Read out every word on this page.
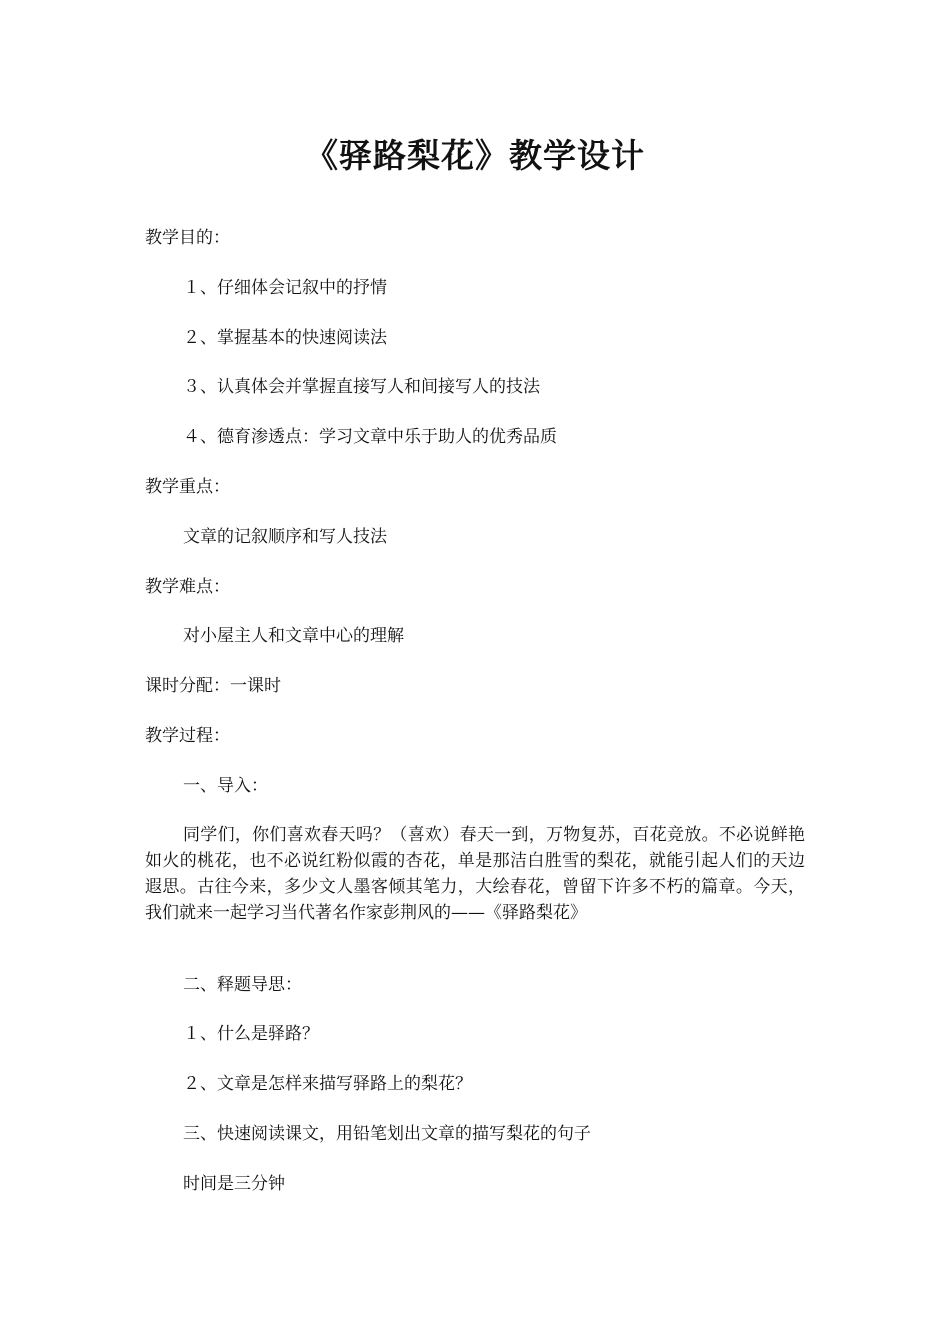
《驿路梨花》教学设计

教学目的：

１、仔细体会记叙中的抒情

２、掌握基本的快速阅读法

３、认真体会并掌握直接写人和间接写人的技法

４、德育渗透点：学习文章中乐于助人的优秀品质

教学重点：

文章的记叙顺序和写人技法

教学难点：

对小屋主人和文章中心的理解

课时分配：一课时

教学过程：

一、导入：

同学们，你们喜欢春天吗？（喜欢）春天一到，万物复苏，百花竞放。不必说鲜艳如火的桃花，也不必说红粉似霞的杏花，单是那洁白胜雪的梨花，就能引起人们的天边遐思。古往今来，多少文人墨客倾其笔力，大绘春花，曾留下许多不朽的篇章。今天，我们就来一起学习当代著名作家彭荆风的——《驿路梨花》

二、释题导思：

１、什么是驿路？

２、文章是怎样来描写驿路上的梨花？

三、快速阅读课文，用铅笔划出文章的描写梨花的句子

时间是三分钟
